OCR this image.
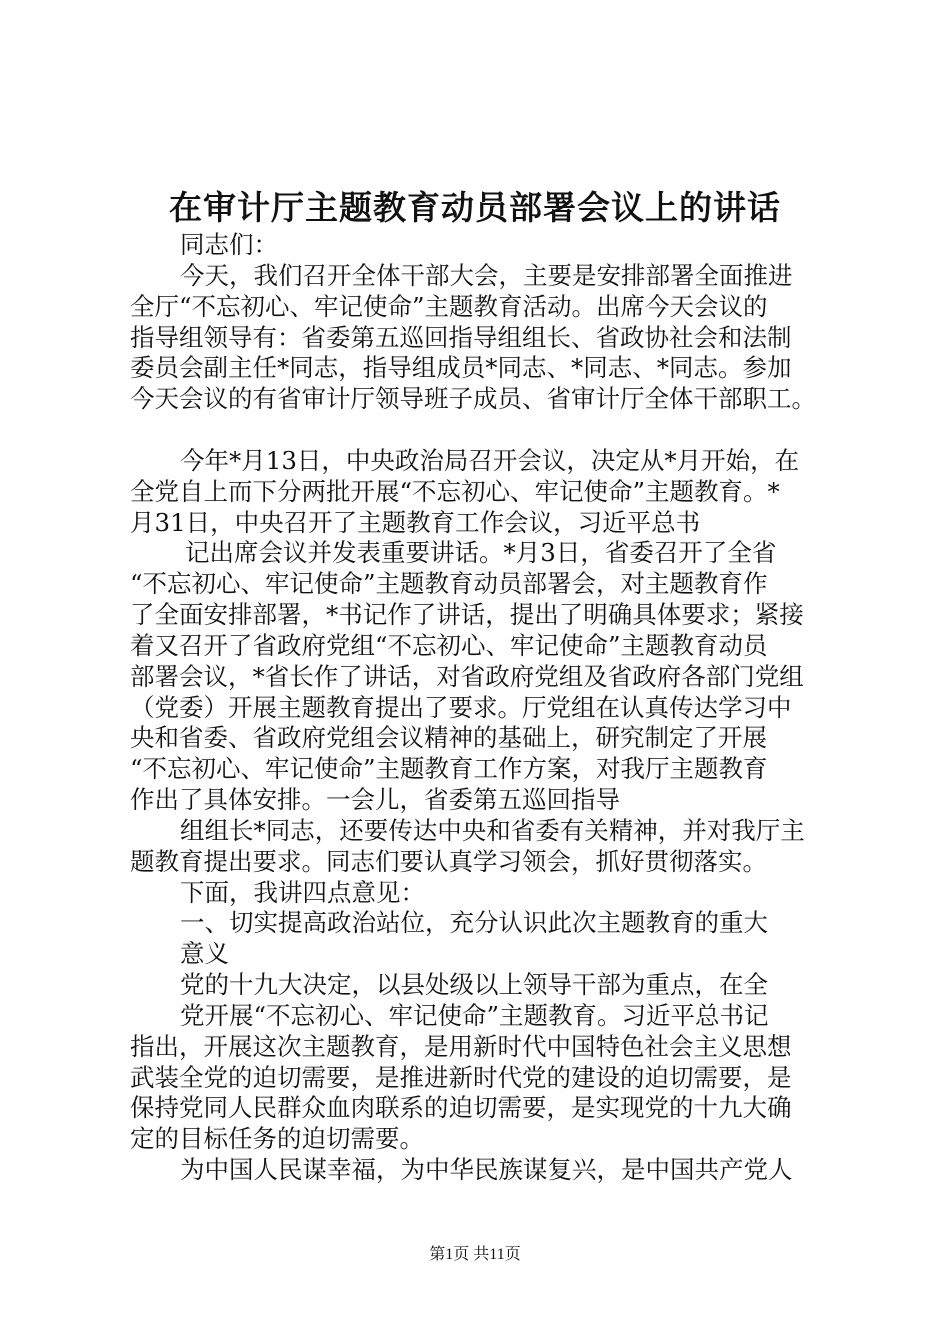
在审计厅主题教育动员部署会议上的讲话

同志们：

今天，我们召开全体干部大会，主要是安排部署全面推进

全厅“不忘初心、牢记使命”主题教育活动。出席今天会议的

指导组领导有：省委第五巡回指导组组长、省政协社会和法制

委员会副主任*同志，指导组成员*同志、*同志、*同志。参加

今天会议的有省审计厅领导班子成员、省审计厅全体干部职工。

今年*月13日，中央政治局召开会议，决定从*月开始，在

全党自上而下分两批开展“不忘初心、牢记使命”主题教育。*

月31日，中央召开了主题教育工作会议，习近平总书

记出席会议并发表重要讲话。*月3日，省委召开了全省

“不忘初心、牢记使命”主题教育动员部署会，对主题教育作

了全面安排部署，*书记作了讲话，提出了明确具体要求；紧接

着又召开了省政府党组“不忘初心、牢记使命”主题教育动员

部署会议，*省长作了讲话，对省政府党组及省政府各部门党组

（党委）开展主题教育提出了要求。厅党组在认真传达学习中

央和省委、省政府党组会议精神的基础上，研究制定了开展

“不忘初心、牢记使命”主题教育工作方案，对我厅主题教育

作出了具体安排。一会儿，省委第五巡回指导

组组长*同志，还要传达中央和省委有关精神，并对我厅主

题教育提出要求。同志们要认真学习领会，抓好贯彻落实。

下面，我讲四点意见：

一、切实提高政治站位，充分认识此次主题教育的重大

意义

党的十九大决定，以县处级以上领导干部为重点，在全

党开展“不忘初心、牢记使命”主题教育。习近平总书记

指出，开展这次主题教育，是用新时代中国特色社会主义思想

武装全党的迫切需要，是推进新时代党的建设的迫切需要，是

保持党同人民群众血肉联系的迫切需要，是实现党的十九大确

定的目标任务的迫切需要。

为中国人民谋幸福，为中华民族谋复兴，是中国共产党人

第1页 共11页
